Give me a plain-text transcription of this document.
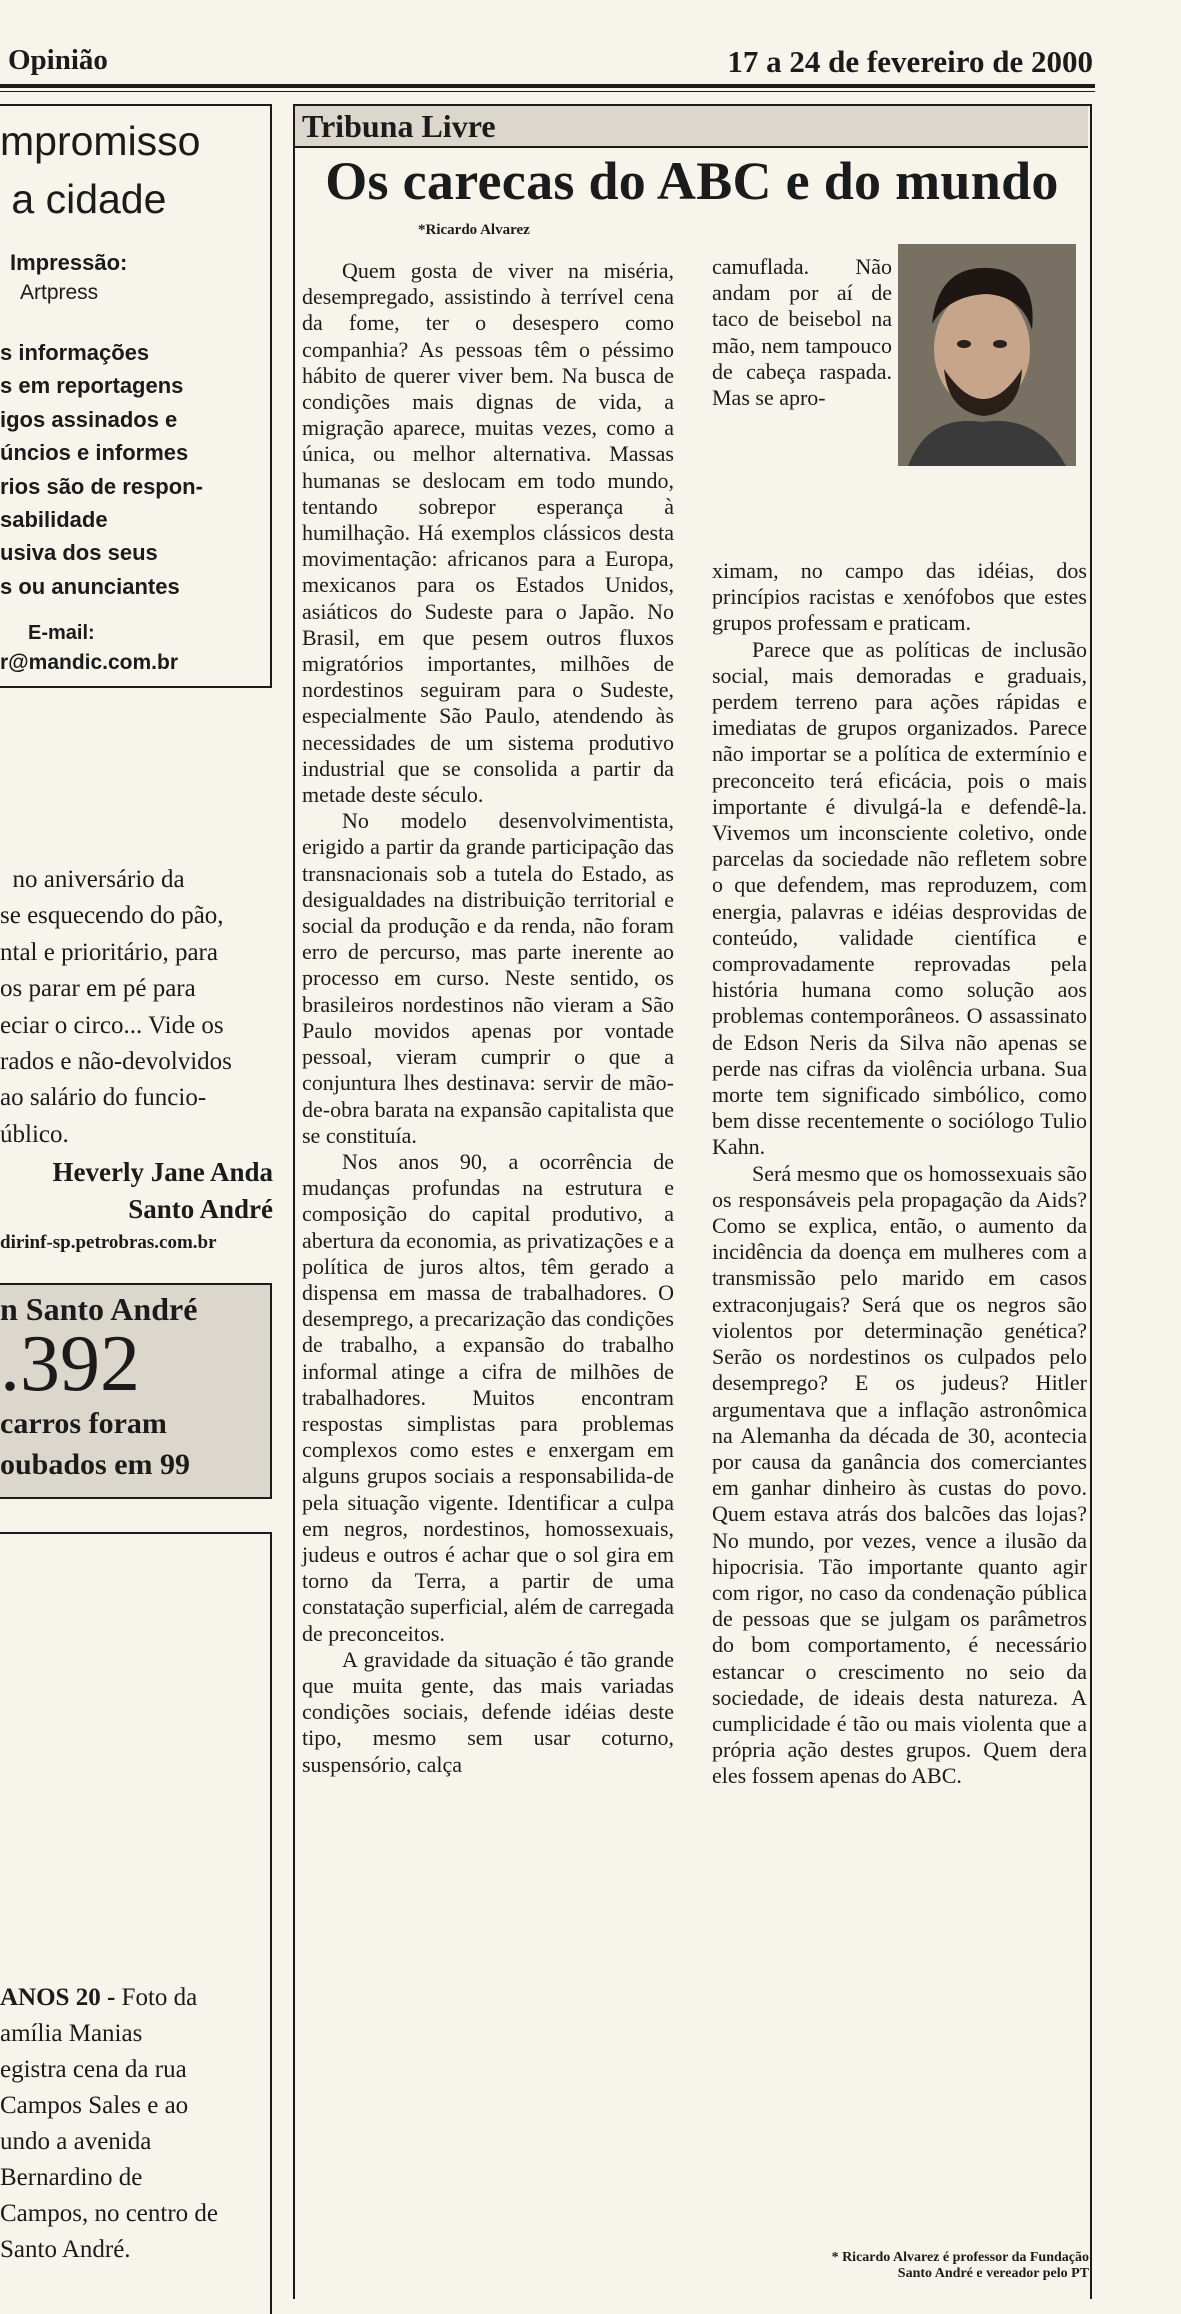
Opinião	17 a 24 de fevereiro de 2000
mpromisso
a cidade
Impressão:
Artpress
s informações
s em reportagens
igos assinados e
úncios e informes
rios são de respon-
sabilidade
usiva dos seus
s ou anunciantes
E-mail:
r@mandic.com.br
no aniversário da
se esquecendo do pão,
ntal e prioritário, para
os parar em pé para
eciar o circo... Vide os
rados e não-devolvidos
ao salário do funcio-
úblico.
Heverly Jane Anda
Santo André
dirinf-sp.petrobras.com.br
n Santo André
.392
carros foram
oubados em 99
ANOS 20 - Foto da
amília Manias
egistra cena da rua
Campos Sales e ao
undo a avenida
Bernardino de
Campos, no centro de
Santo André.
Tribuna Livre
Os carecas do ABC e do mundo
*Ricardo Alvarez

Quem gosta de viver na miséria, desempregado, assistindo à terrível cena da fome, ter o desespero como companhia? As pessoas têm o péssimo hábito de querer viver bem. Na busca de condições mais dignas de vida, a migração aparece, muitas vezes, como a única, ou melhor alternativa. Massas humanas se deslocam em todo mundo, tentando sobrepor esperança à humilhação. Há exemplos clássicos desta movimentação: africanos para a Europa, mexicanos para os Estados Unidos, asiáticos do Sudeste para o Japão. No Brasil, em que pesem outros fluxos migratórios importantes, milhões de nordestinos seguiram para o Sudeste, especialmente São Paulo, atendendo às necessidades de um sistema produtivo industrial que se consolida a partir da metade deste século.

No modelo desenvolvimentista, erigido a partir da grande participação das transnacionais sob a tutela do Estado, as desigualdades na distribuição territorial e social da produção e da renda, não foram erro de percurso, mas parte inerente ao processo em curso. Neste sentido, os brasileiros nordestinos não vieram a São Paulo movidos apenas por vontade pessoal, vieram cumprir o que a conjuntura lhes destinava: servir de mão-de-obra barata na expansão capitalista que se constituía.

Nos anos 90, a ocorrência de mudanças profundas na estrutura e composição do capital produtivo, a abertura da economia, as privatizações e a política de juros altos, têm gerado a dispensa em massa de trabalhadores. O desemprego, a precarização das condições de trabalho, a expansão do trabalho informal atinge a cifra de milhões de trabalhadores. Muitos encontram respostas simplistas para problemas complexos como estes e enxergam em alguns grupos sociais a responsabilida-de pela situação vigente. Identificar a culpa em negros, nordestinos, homossexuais, judeus e outros é achar que o sol gira em torno da Terra, a partir de uma constatação superficial, além de carregada de preconceitos.

A gravidade da situação é tão grande que muita gente, das mais variadas condições sociais, defende idéias deste tipo, mesmo sem usar coturno, suspensório, calça

camuflada. Não andam por aí de taco de beisebol na mão, nem tampouco de cabeça raspada. Mas se apro-

ximam, no campo das idéias, dos princípios racistas e xenófobos que estes grupos professam e praticam.

Parece que as políticas de inclusão social, mais demoradas e graduais, perdem terreno para ações rápidas e imediatas de grupos organizados. Parece não importar se a política de extermínio e preconceito terá eficácia, pois o mais importante é divulgá-la e defendê-la. Vivemos um inconsciente coletivo, onde parcelas da sociedade não refletem sobre o que defendem, mas reproduzem, com energia, palavras e idéias desprovidas de conteúdo, validade científica e comprovadamente reprovadas pela história humana como solução aos problemas contemporâneos. O assassinato de Edson Neris da Silva não apenas se perde nas cifras da violência urbana. Sua morte tem significado simbólico, como bem disse recentemente o sociólogo Tulio Kahn.

Será mesmo que os homossexuais são os responsáveis pela propagação da Aids? Como se explica, então, o aumento da incidência da doença em mulheres com a transmissão pelo marido em casos extraconjugais? Será que os negros são violentos por determinação genética? Serão os nordestinos os culpados pelo desemprego? E os judeus? Hitler argumentava que a inflação astronômica na Alemanha da década de 30, acontecia por causa da ganância dos comerciantes em ganhar dinheiro às custas do povo. Quem estava atrás dos balcões das lojas? No mundo, por vezes, vence a ilusão da hipocrisia. Tão importante quanto agir com rigor, no caso da condenação pública de pessoas que se julgam os parâmetros do bom comportamento, é necessário estancar o crescimento no seio da sociedade, de ideais desta natureza. A cumplicidade é tão ou mais violenta que a própria ação destes grupos. Quem dera eles fossem apenas do ABC.

* Ricardo Alvarez é professor da Fundação
Santo André e vereador pelo PT
